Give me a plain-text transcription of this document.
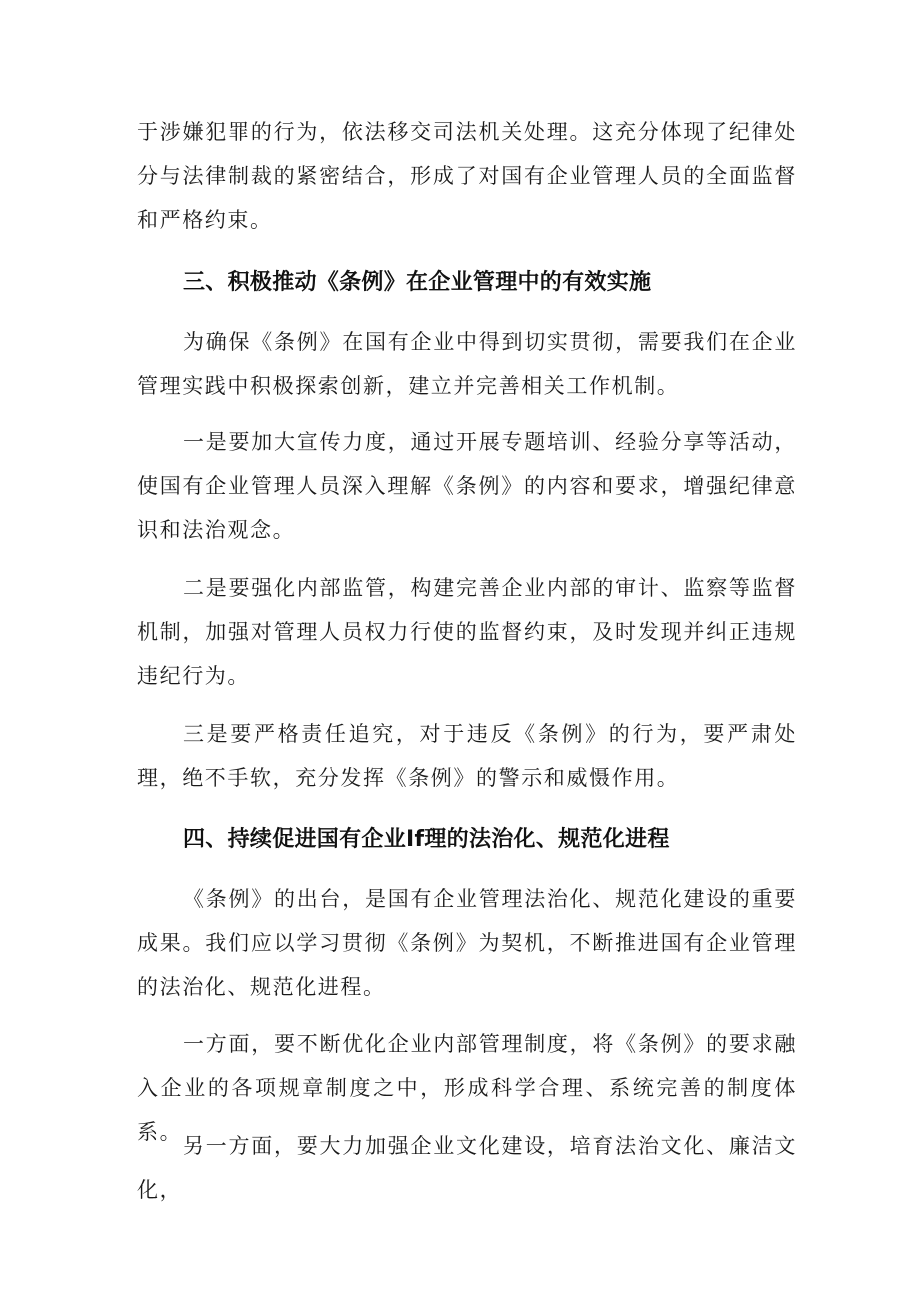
于涉嫌犯罪的行为，依法移交司法机关处理。这充分体现了纪律处分与法律制裁的紧密结合，形成了对国有企业管理人员的全面监督和严格约束。

三、积极推动《条例》在企业管理中的有效实施

为确保《条例》在国有企业中得到切实贯彻，需要我们在企业管理实践中积极探索创新，建立并完善相关工作机制。

一是要加大宣传力度，通过开展专题培训、经验分享等活动，使国有企业管理人员深入理解《条例》的内容和要求，增强纪律意识和法治观念。

二是要强化内部监管，构建完善企业内部的审计、监察等监督机制，加强对管理人员权力行使的监督约束，及时发现并纠正违规违纪行为。

三是要严格责任追究，对于违反《条例》的行为，要严肃处理，绝不手软，充分发挥《条例》的警示和威慑作用。

四、持续促进国有企业If理的法治化、规范化进程

《条例》的出台，是国有企业管理法治化、规范化建设的重要成果。我们应以学习贯彻《条例》为契机，不断推进国有企业管理的法治化、规范化进程。

一方面，要不断优化企业内部管理制度，将《条例》的要求融入企业的各项规章制度之中，形成科学合理、系统完善的制度体系。

另一方面，要大力加强企业文化建设，培育法治文化、廉洁文化，
